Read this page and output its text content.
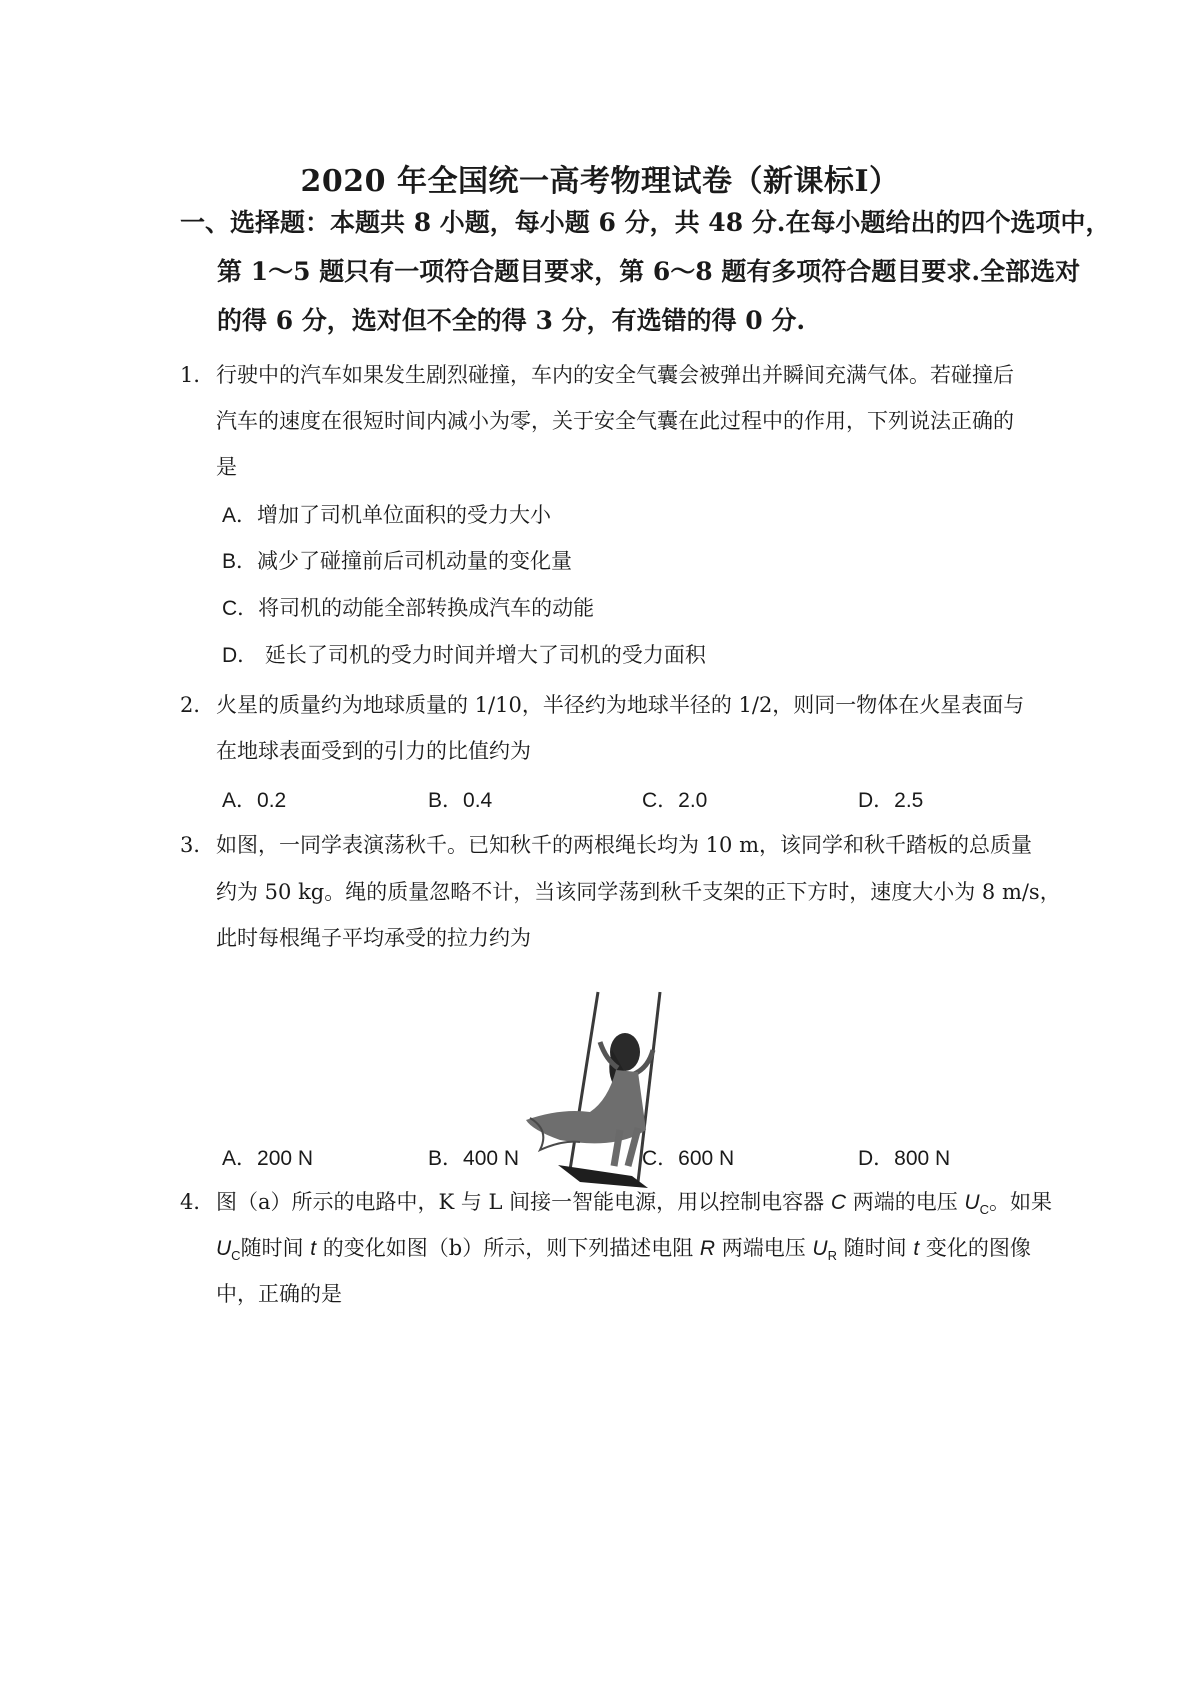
2020 年全国统一高考物理试卷（新课标Ⅰ）
一、选择题：本题共 8 小题，每小题 6 分，共 48 分.在每小题给出的四个选项中，
第 1～5 题只有一项符合题目要求，第 6～8 题有多项符合题目要求.全部选对
的得 6 分，选对但不全的得 3 分，有选错的得 0 分.
1． 行驶中的汽车如果发生剧烈碰撞，车内的安全气囊会被弹出并瞬间充满气体。若碰撞后
汽车的速度在很短时间内减小为零，关于安全气囊在此过程中的作用，下列说法正确的
是
A．增加了司机单位面积的受力大小
B．减少了碰撞前后司机动量的变化量
C．将司机的动能全部转换成汽车的动能
D． 延长了司机的受力时间并增大了司机的受力面积
2． 火星的质量约为地球质量的 1/10，半径约为地球半径的 1/2，则同一物体在火星表面与
在地球表面受到的引力的比值约为
A．0.2	B．0.4	C．2.0	D．2.5
3． 如图，一同学表演荡秋千。已知秋千的两根绳长均为 10 m，该同学和秋千踏板的总质量
约为 50 kg。绳的质量忽略不计，当该同学荡到秋千支架的正下方时，速度大小为 8 m/s，
此时每根绳子平均承受的拉力约为
A．200 N	B．400 N	C．600 N	D．800 N
4． 图（a）所示的电路中，K 与 L 间接一智能电源，用以控制电容器 C 两端的电压 $U_C$。如果
$U_C$随时间 t 的变化如图（b）所示，则下列描述电阻 R 两端电压 $U_R$ 随时间 t 变化的图像
中，正确的是
